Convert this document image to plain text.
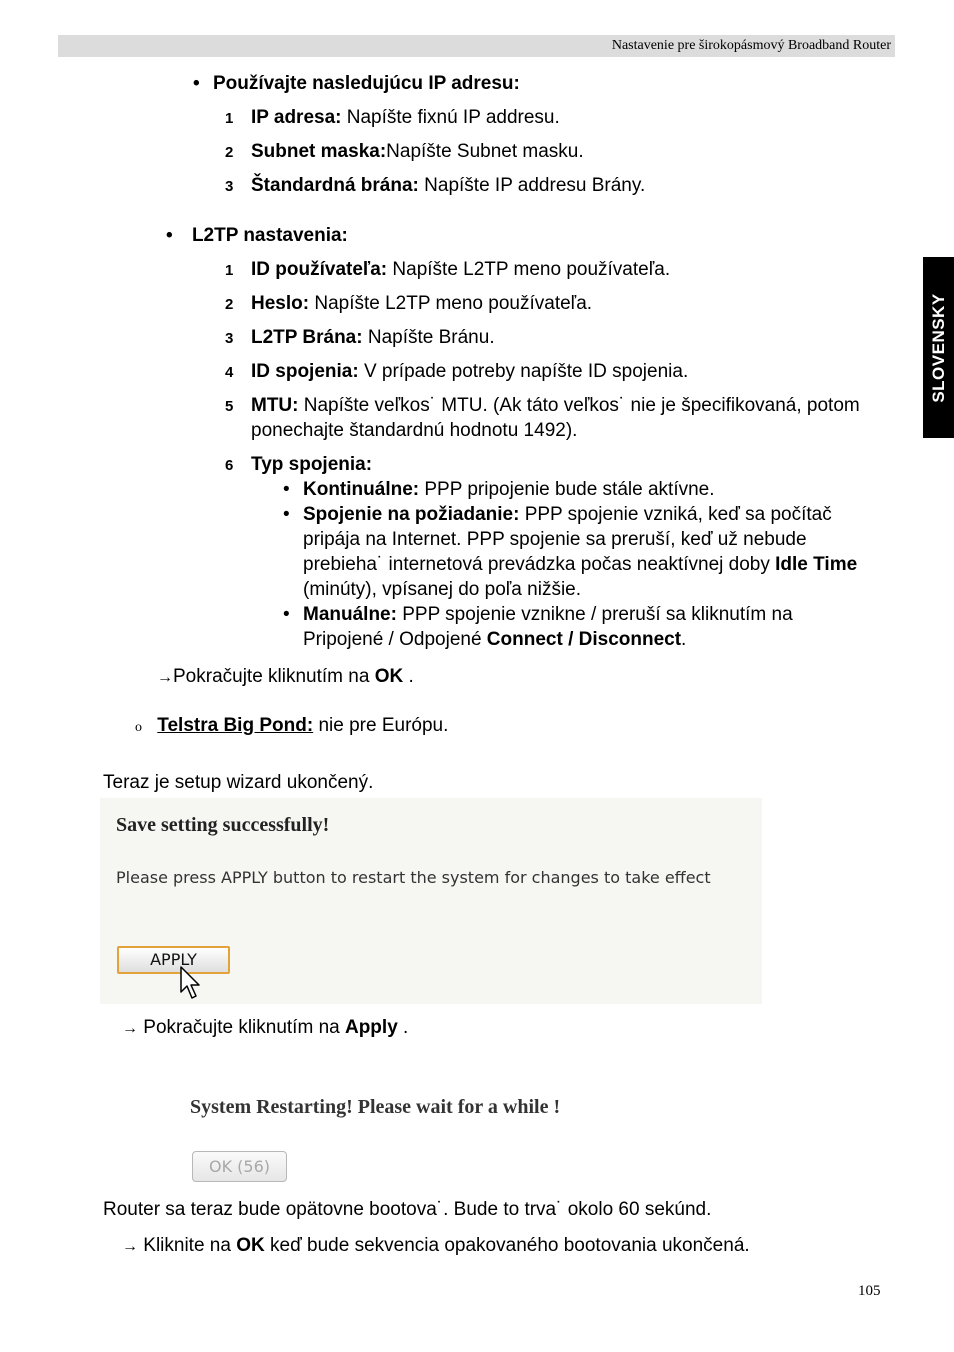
Nastavenie pre širokopásmový Broadband Router
SLOVENSKY
• Používajte nasledujúcu IP adresu:
1 IP adresa: Napíšte fixnú IP addresu.
2 Subnet maska:Napíšte Subnet masku.
3 Štandardná brána: Napíšte IP addresu Brány.
• L2TP nastavenia:
1 ID používateľa: Napíšte L2TP meno používateľa.
2 Heslo: Napíšte L2TP meno používateľa.
3 L2TP Brána: Napíšte Bránu.
4 ID spojenia: V prípade potreby napíšte ID spojenia.
5 MTU: Napíšte veľkos˙ MTU. (Ak táto veľkos˙ nie je špecifikovaná, potom
ponechajte štandardnú hodnotu 1492).
6 Typ spojenia:
• Kontinuálne: PPP pripojenie bude stále aktívne.
• Spojenie na požiadanie: PPP spojenie vzniká, keď sa počítač
pripája na Internet. PPP spojenie sa preruší, keď už nebude
prebieha˙ internetová prevádzka počas neaktívnej doby Idle Time
(minúty), vpísanej do poľa nižšie.
• Manuálne: PPP spojenie vznikne / preruší sa kliknutím na
Pripojené / Odpojené Connect / Disconnect.
→Pokračujte kliknutím na OK .
o Telstra Big Pond: nie pre Európu.
Teraz je setup wizard ukončený.
Save setting successfully!
Please press APPLY button to restart the system for changes to take effect
APPLY
→ Pokračujte kliknutím na Apply .
System Restarting! Please wait for a while !
OK (56)
Router sa teraz bude opätovne bootova˙. Bude to trva˙ okolo 60 sekúnd.
→ Kliknite na OK keď bude sekvencia opakovaného bootovania ukončená.
105
